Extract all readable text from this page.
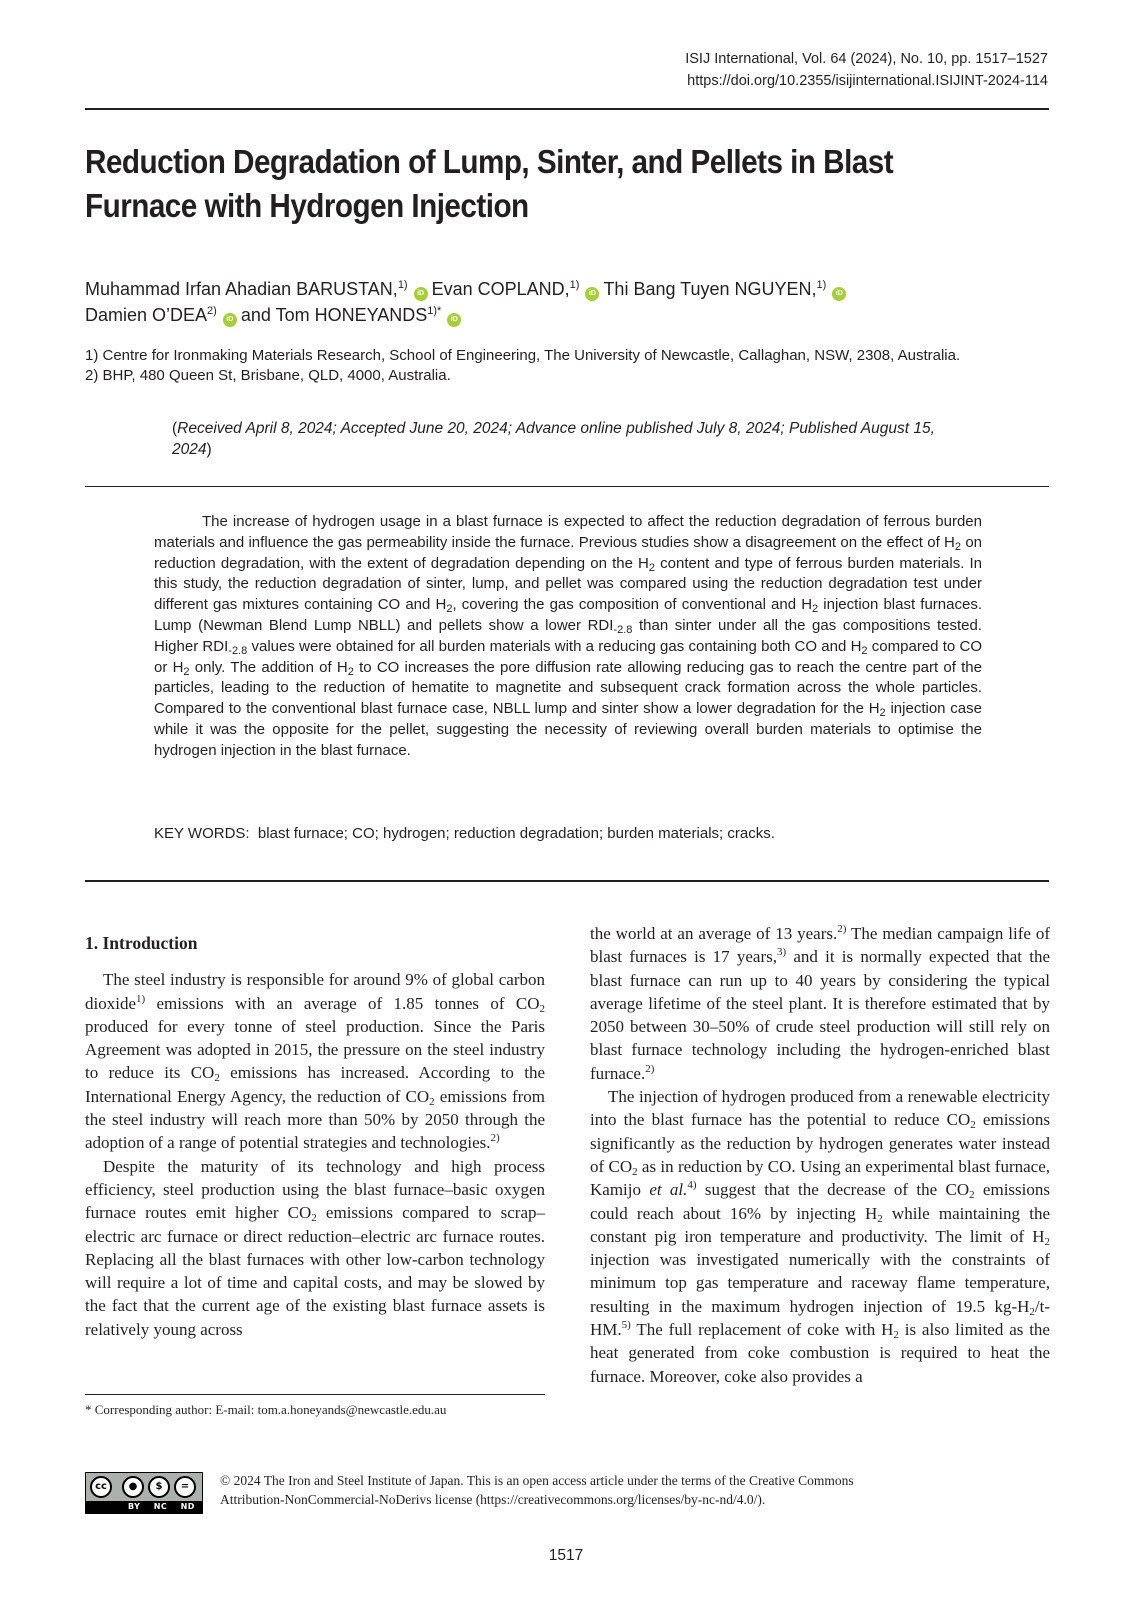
ISIJ International, Vol. 64 (2024), No. 10, pp. 1517–1527
https://doi.org/10.2355/isijinternational.ISIJINT-2024-114
Reduction Degradation of Lump, Sinter, and Pellets in Blast
Furnace with Hydrogen Injection
Muhammad Irfan Ahadian BARUSTAN,$^{1)}$iD Evan COPLAND,$^{1)}$iD Thi Bang Tuyen NGUYEN,$^{1)}$iD
Damien O’DEA$^{2)}$iD and Tom $HONEYANDS^{1)*}iD$
1) Centre for Ironmaking Materials Research, School of Engineering, The University of Newcastle, Callaghan, NSW, 2308, Australia.
2) BHP, 480 Queen St, Brisbane, QLD, 4000, Australia.
(Received April 8, 2024; Accepted June 20, 2024; Advance online published July 8, 2024; Published August 15, 2024)
The increase of hydrogen usage in a blast furnace is expected to affect the reduction degradation of ferrous burden materials and influence the gas permeability inside the furnace. Previous studies show a disagreement on the effect of $H_2$ on reduction degradation, with the extent of degradation depending on the $H_2$ content and type of ferrous burden materials. In this study, the reduction degradation of sinter, lump, and pellet was compared using the reduction degradation test under different gas mixtures containing CO and $H_2$, covering the gas composition of conventional and $H_2$ injection blast furnaces. Lump (Newman Blend Lump NBLL) and pellets show a lower $RDI_{-2.8}$ than sinter under all the gas compositions tested. Higher $RDI_{-2.8}$ values were obtained for all burden materials with a reducing gas containing both CO and $H_2$ compared to CO or $H_2$ only. The addition of $H_2$ to CO increases the pore diffusion rate allowing reducing gas to reach the centre part of the particles, leading to the reduction of hematite to magnetite and subsequent crack formation across the whole particles. Compared to the conventional blast furnace case, NBLL lump and sinter show a lower degradation for the $H_2$ injection case while it was the opposite for the pellet, suggesting the necessity of reviewing overall burden materials to optimise the hydrogen injection in the blast furnace.
KEY WORDS: blast furnace; CO; hydrogen; reduction degradation; burden materials; cracks.
1. Introduction

The steel industry is responsible for around 9% of global carbon dioxide$^{1)}$ emissions with an average of 1.85 tonnes of $CO_2$ produced for every tonne of steel production. Since the Paris Agreement was adopted in 2015, the pressure on the steel industry to reduce its $CO_2$ emissions has increased. According to the International Energy Agency, the reduction of $CO_2$ emissions from the steel industry will reach more than 50% by 2050 through the adoption of a range of potential strategies and technologies.$^{2)}$

Despite the maturity of its technology and high process efficiency, steel production using the blast furnace–basic oxygen furnace routes emit higher $CO_2$ emissions compared to scrap–electric arc furnace or direct reduction–electric arc furnace routes. Replacing all the blast furnaces with other low-carbon technology will require a lot of time and capital costs, and may be slowed by the fact that the current age of the existing blast furnace assets is relatively young across

the world at an average of 13 years.$^{2)}$ The median campaign life of blast furnaces is 17 years,$^{3)}$ and it is normally expected that the blast furnace can run up to 40 years by considering the typical average lifetime of the steel plant. It is therefore estimated that by 2050 between 30–50% of crude steel production will still rely on blast furnace technology including the hydrogen-enriched blast furnace.$^{2)}$

The injection of hydrogen produced from a renewable electricity into the blast furnace has the potential to reduce $CO_2$ emissions significantly as the reduction by hydrogen generates water instead of $CO_2$ as in reduction by CO. Using an experimental blast furnace, Kamijo et al.$^{4)}$ suggest that the decrease of the $CO_2$ emissions could reach about 16% by injecting $H_2$ while maintaining the constant pig iron temperature and productivity. The limit of $H_2$ injection was investigated numerically with the constraints of minimum top gas temperature and raceway flame temperature, resulting in the maximum hydrogen injection of 19.5 $kg-H_2/t-HM.^{5)}$ The full replacement of coke with $H_2$ is also limited as the heat generated from coke combustion is required to heat the furnace. Moreover, coke also provides a

* Corresponding author: E-mail: tom.a.honeyands@newcastle.edu.au
cc	●	$	=
BY NC ND
© 2024 The Iron and Steel Institute of Japan. This is an open access article under the terms of the Creative Commons
Attribution-NonCommercial-NoDerivs license (https://creativecommons.org/licenses/by-nc-nd/4.0/).
1517
